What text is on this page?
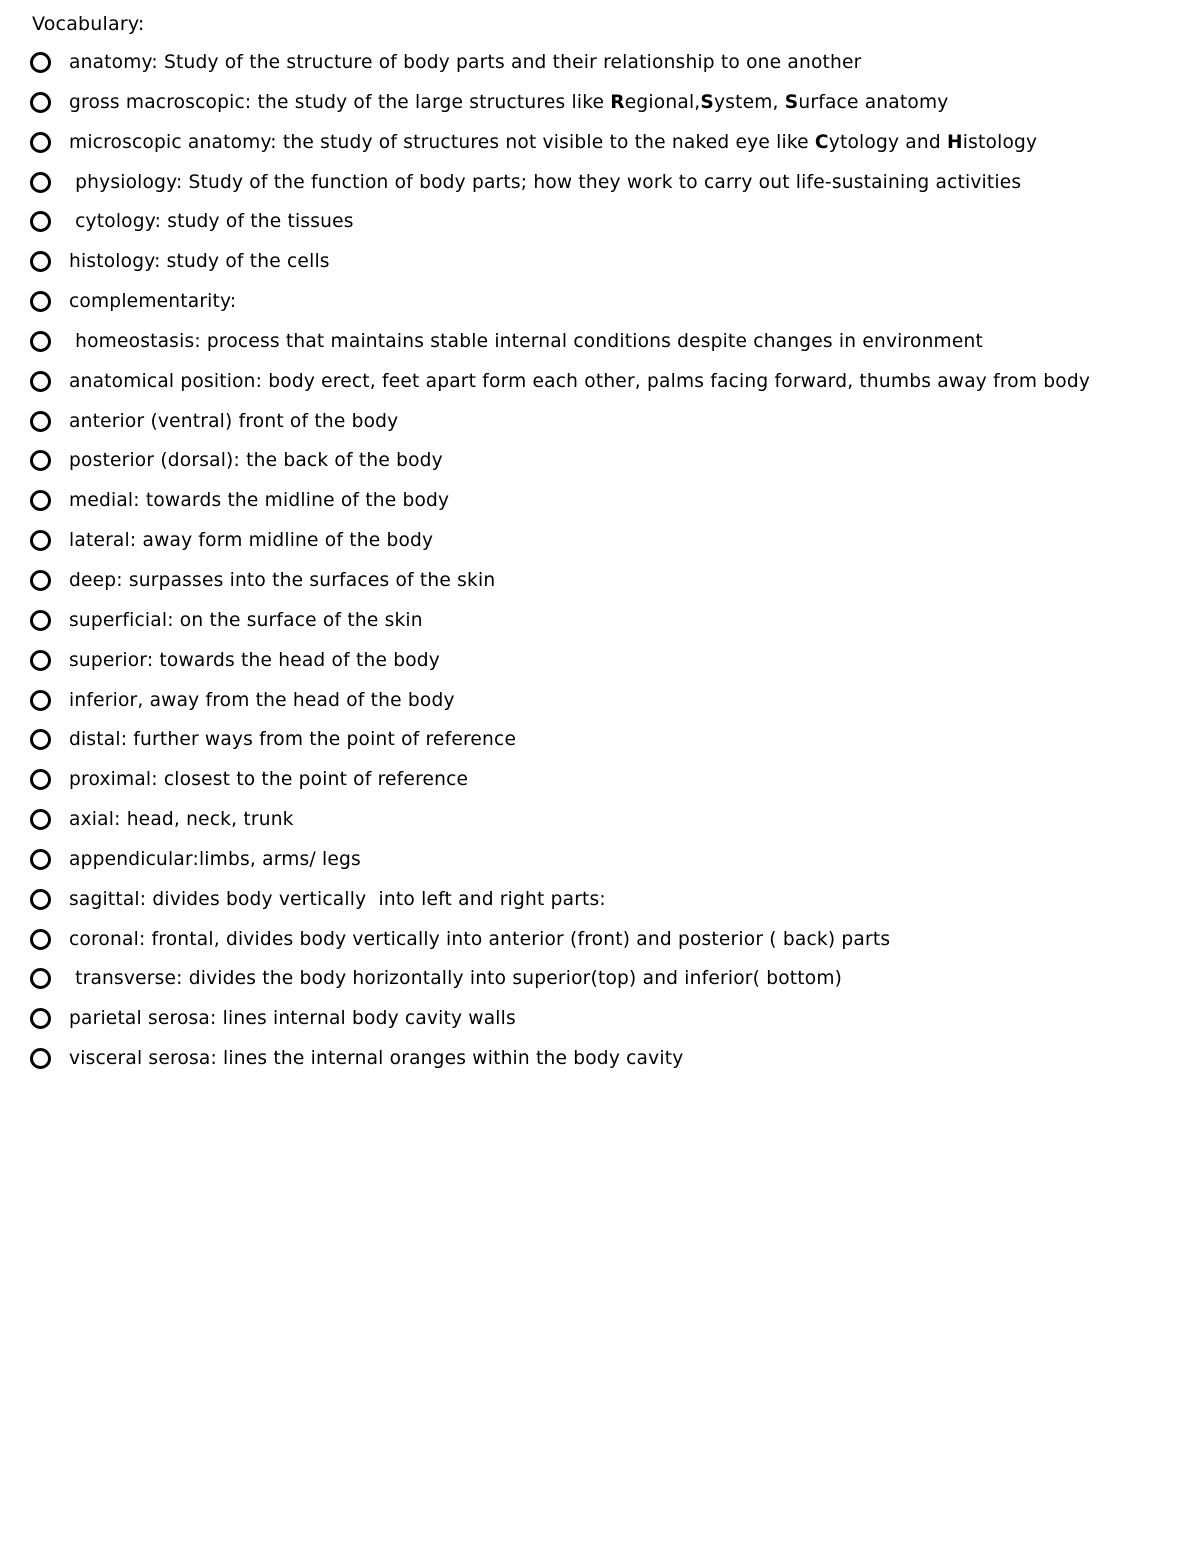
Vocabulary:
anatomy: Study of the structure of body parts and their relationship to one another
gross macroscopic: the study of the large structures like Regional,System, Surface anatomy
microscopic anatomy: the study of structures not visible to the naked eye like Cytology and Histology
physiology: Study of the function of body parts; how they work to carry out life-sustaining activities
cytology: study of the tissues
histology: study of the cells
complementarity:
homeostasis: process that maintains stable internal conditions despite changes in environment
anatomical position: body erect, feet apart form each other, palms facing forward, thumbs away from body
anterior (ventral) front of the body
posterior (dorsal): the back of the body
medial: towards the midline of the body
lateral: away form midline of the body
deep: surpasses into the surfaces of the skin
superficial: on the surface of the skin
superior: towards the head of the body
inferior, away from the head of the body
distal: further ways from the point of reference
proximal: closest to the point of reference
axial: head, neck, trunk
appendicular:limbs, arms/ legs
sagittal: divides body vertically  into left and right parts:
coronal: frontal, divides body vertically into anterior (front) and posterior ( back) parts
transverse: divides the body horizontally into superior(top) and inferior( bottom)
parietal serosa: lines internal body cavity walls
visceral serosa: lines the internal oranges within the body cavity
